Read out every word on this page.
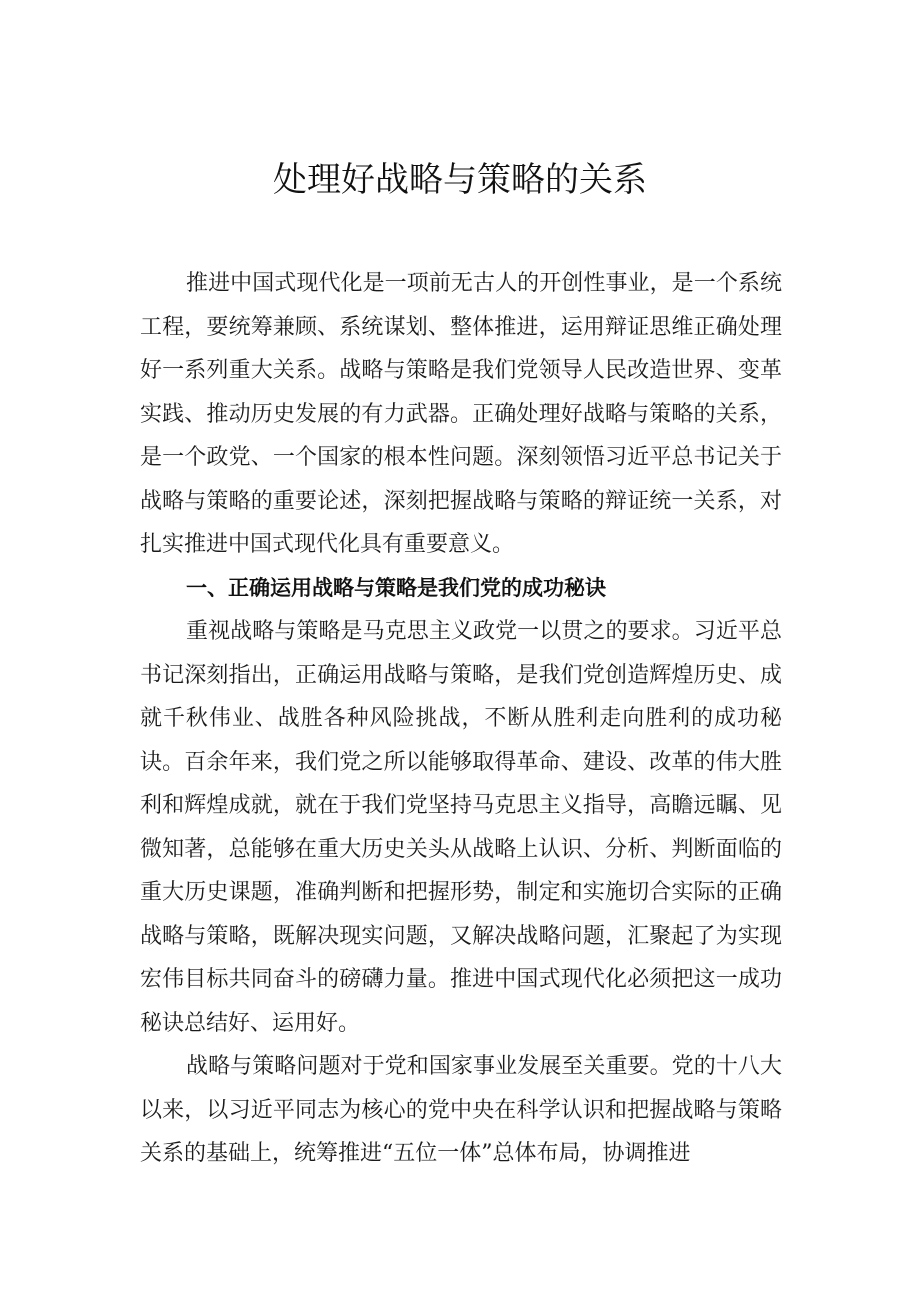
处理好战略与策略的关系

推进中国式现代化是一项前无古人的开创性事业，是一个系统工程，要统筹兼顾、系统谋划、整体推进，运用辩证思维正确处理好一系列重大关系。战略与策略是我们党领导人民改造世界、变革实践、推动历史发展的有力武器。正确处理好战略与策略的关系，是一个政党、一个国家的根本性问题。深刻领悟习近平总书记关于战略与策略的重要论述，深刻把握战略与策略的辩证统一关系，对扎实推进中国式现代化具有重要意义。

一、正确运用战略与策略是我们党的成功秘诀

重视战略与策略是马克思主义政党一以贯之的要求。习近平总书记深刻指出，正确运用战略与策略，是我们党创造辉煌历史、成就千秋伟业、战胜各种风险挑战，不断从胜利走向胜利的成功秘诀。百余年来，我们党之所以能够取得革命、建设、改革的伟大胜利和辉煌成就，就在于我们党坚持马克思主义指导，高瞻远瞩、见微知著，总能够在重大历史关头从战略上认识、分析、判断面临的重大历史课题，准确判断和把握形势，制定和实施切合实际的正确战略与策略，既解决现实问题，又解决战略问题，汇聚起了为实现宏伟目标共同奋斗的磅礴力量。推进中国式现代化必须把这一成功秘诀总结好、运用好。

战略与策略问题对于党和国家事业发展至关重要。党的十八大以来，以习近平同志为核心的党中央在科学认识和把握战略与策略关系的基础上，统筹推进“五位一体”总体布局，协调推进
